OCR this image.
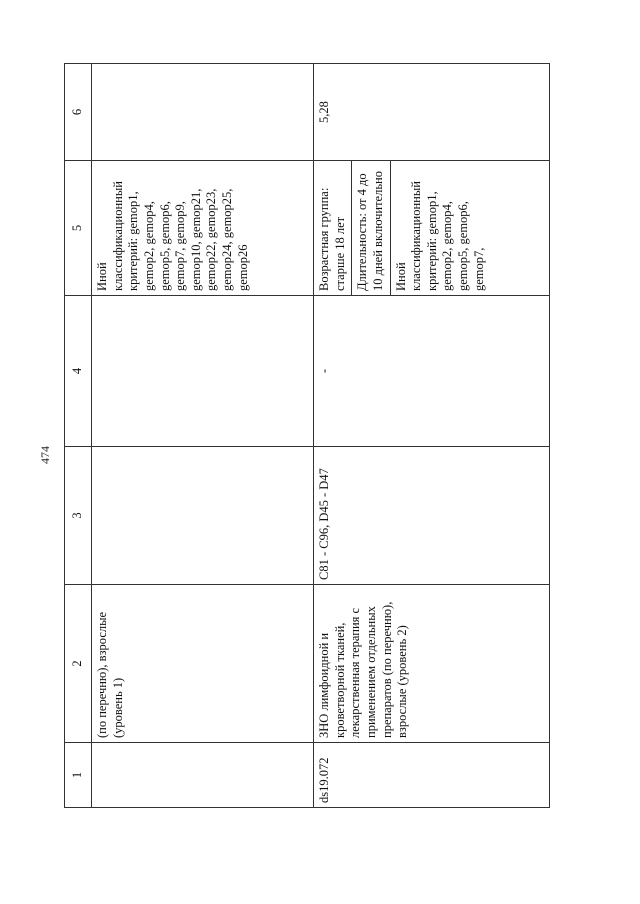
474
1	2	3	4	5	6
	(по перечню), взрослые (уровень 1)			Иной классификационный критерий: gemop1, gemop2, gemop4, gemop5, gemop6, gemop7, gemop9, gemop10, gemop21, gemop22, gemop23, gemop24, gemop25, gemop26	
ds19.072	ЗНО лимфоидной и кроветворной тканей, лекарственная терапия с применением отдельных препаратов (по перечню), взрослые (уровень 2)	C81 - C96, D45 - D47	-	Возрастная группа: старше 18 лет Длительность: от 4 до 10 дней включительно Иной классификационный критерий: gemop1, gemop2, gemop4, gemop5, gemop6, gemop7,	5,28
